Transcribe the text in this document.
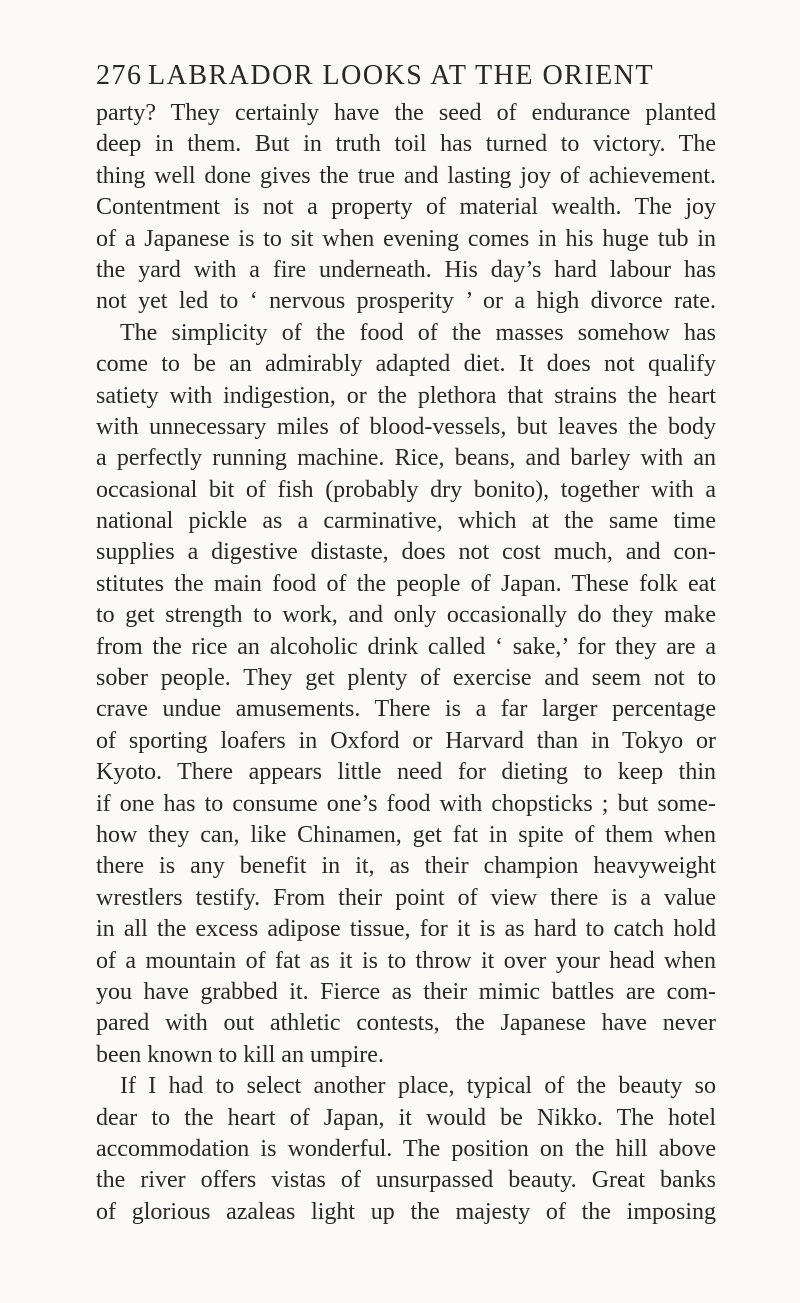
276 LABRADOR LOOKS AT THE ORIENT
party? They certainly have the seed of endurance planted
deep in them. But in truth toil has turned to victory. The
thing well done gives the true and lasting joy of achievement.
Contentment is not a property of material wealth. The joy
of a Japanese is to sit when evening comes in his huge tub in
the yard with a fire underneath. His day’s hard labour has
not yet led to ‘ nervous prosperity ’ or a high divorce rate.
The simplicity of the food of the masses somehow has
come to be an admirably adapted diet. It does not qualify
satiety with indigestion, or the plethora that strains the heart
with unnecessary miles of blood-vessels, but leaves the body
a perfectly running machine. Rice, beans, and barley with an
occasional bit of fish (probably dry bonito), together with a
national pickle as a carminative, which at the same time
supplies a digestive distaste, does not cost much, and con-
stitutes the main food of the people of Japan. These folk eat
to get strength to work, and only occasionally do they make
from the rice an alcoholic drink called ‘ sake,’ for they are a
sober people. They get plenty of exercise and seem not to
crave undue amusements. There is a far larger percentage
of sporting loafers in Oxford or Harvard than in Tokyo or
Kyoto. There appears little need for dieting to keep thin
if one has to consume one’s food with chopsticks ; but some-
how they can, like Chinamen, get fat in spite of them when
there is any benefit in it, as their champion heavyweight
wrestlers testify. From their point of view there is a value
in all the excess adipose tissue, for it is as hard to catch hold
of a mountain of fat as it is to throw it over your head when
you have grabbed it. Fierce as their mimic battles are com-
pared with out athletic contests, the Japanese have never
been known to kill an umpire.
If I had to select another place, typical of the beauty so
dear to the heart of Japan, it would be Nikko. The hotel
accommodation is wonderful. The position on the hill above
the river offers vistas of unsurpassed beauty. Great banks
of glorious azaleas light up the majesty of the imposing
